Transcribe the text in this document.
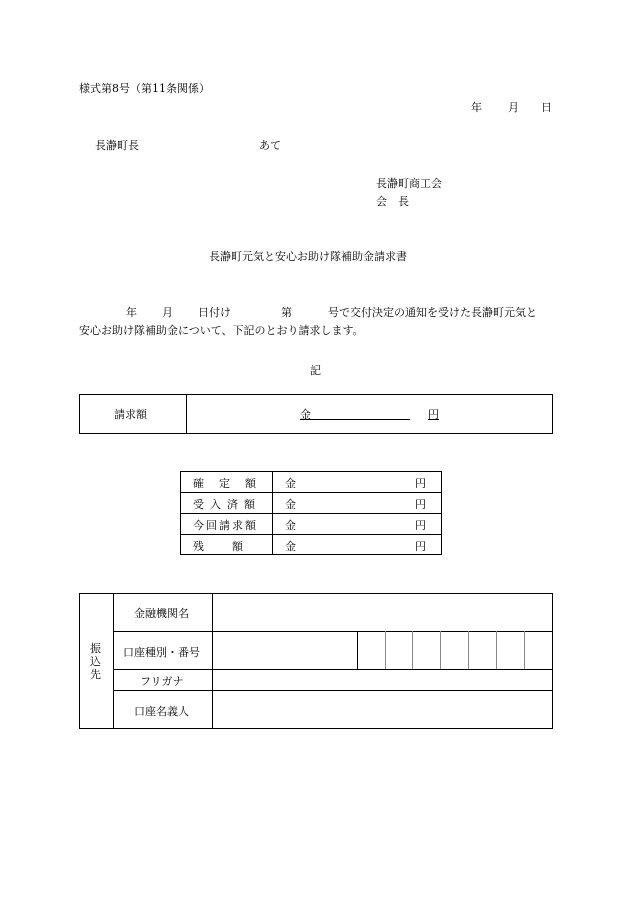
様式第8号（第11条関係）
年 月 日
長瀞町長	あて
長瀞町商工会
会　長
長瀞町元気と安心お助け隊補助金請求書
年 月 日付け	第	号で交付決定の通知を受けた長瀞町元気と
安心お助け隊補助金について、下記のとおり請求します。
記
請求額	金　　　　　　　　　	円
確　定　額 金	円
受入済額 金	円
今回請求額 金	円
残　　額	金	円
振込先
金融機関名
口座種別・番号
フリガナ
口座名義人
